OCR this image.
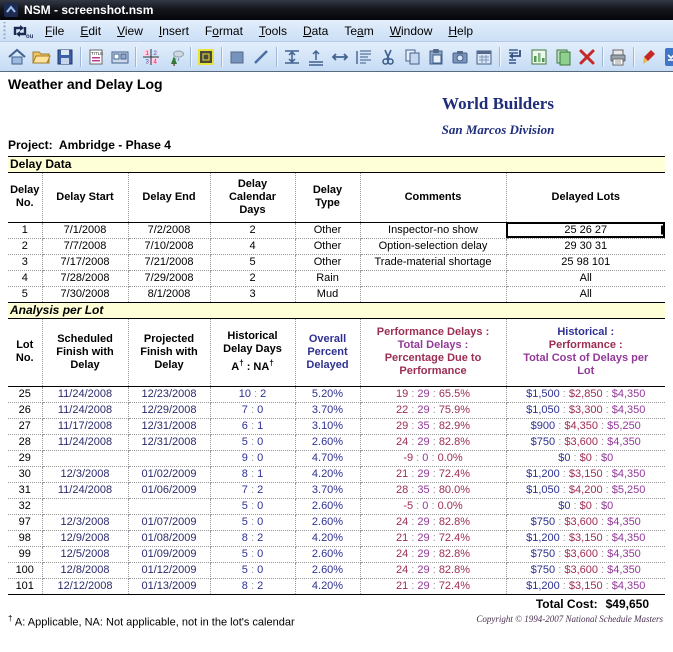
NSM - screenshot.nsm
ou File	Edit	View	Insert	Format	Tools	Data	Team	Window	Help
TITLE	1 2
3 4
Weather and Delay Log
World Builders
San Marcos Division
Project: Ambridge - Phase 4
Delay Data
Delay
No.	Delay Start	Delay End	Delay
Calendar
Days	Delay
Type	Comments	Delayed Lots
1	7/1/2008	7/2/2008	2	Other	Inspector-no show	25 26 27
2	7/7/2008	7/10/2008	4	Other	Option-selection delay	29 30 31
3	7/17/2008	7/21/2008	5	Other	Trade-material shortage	25 98 101
4	7/28/2008	7/29/2008	2	Rain		All
5	7/30/2008	8/1/2008	3	Mud		All
Analysis per Lot
Lot
No.	Scheduled
Finish with
Delay	Projected
Finish with
Delay	Historical
Delay Days
A† : NA†	Overall
Percent
Delayed	Performance Delays :
Total Delays :
Percentage Due to
Performance	Historical :
Performance :
Total Cost of Delays per
Lot
25	11/24/2008	12/23/2008	10 : 2	5.20%	19 : 29 : 65.5%	$1,500 : $2,850 : $4,350
26	11/24/2008	12/29/2008	7 : 0	3.70%	22 : 29 : 75.9%	$1,050 : $3,300 : $4,350
27	11/17/2008	12/31/2008	6 : 1	3.10%	29 : 35 : 82.9%	$900 : $4,350 : $5,250
28	11/24/2008	12/31/2008	5 : 0	2.60%	24 : 29 : 82.8%	$750 : $3,600 : $4,350
29			9 : 0	4.70%	-9 : 0 : 0.0%	$0 : $0 : $0
30	12/3/2008	01/02/2009	8 : 1	4.20%	21 : 29 : 72.4%	$1,200 : $3,150 : $4,350
31	11/24/2008	01/06/2009	7 : 2	3.70%	28 : 35 : 80.0%	$1,050 : $4,200 : $5,250
32			5 : 0	2.60%	-5 : 0 : 0.0%	$0 : $0 : $0
97	12/3/2008	01/07/2009	5 : 0	2.60%	24 : 29 : 82.8%	$750 : $3,600 : $4,350
98	12/9/2008	01/08/2009	8 : 2	4.20%	21 : 29 : 72.4%	$1,200 : $3,150 : $4,350
99	12/5/2008	01/09/2009	5 : 0	2.60%	24 : 29 : 82.8%	$750 : $3,600 : $4,350
100	12/8/2008	01/12/2009	5 : 0	2.60%	24 : 29 : 82.8%	$750 : $3,600 : $4,350
101	12/12/2008	01/13/2009	8 : 2	4.20%	21 : 29 : 72.4%	$1,200 : $3,150 : $4,350
Total Cost: $49,650
† A: Applicable, NA: Not applicable, not in the lot's calendar	Copyright © 1994-2007 National Schedule Masters
